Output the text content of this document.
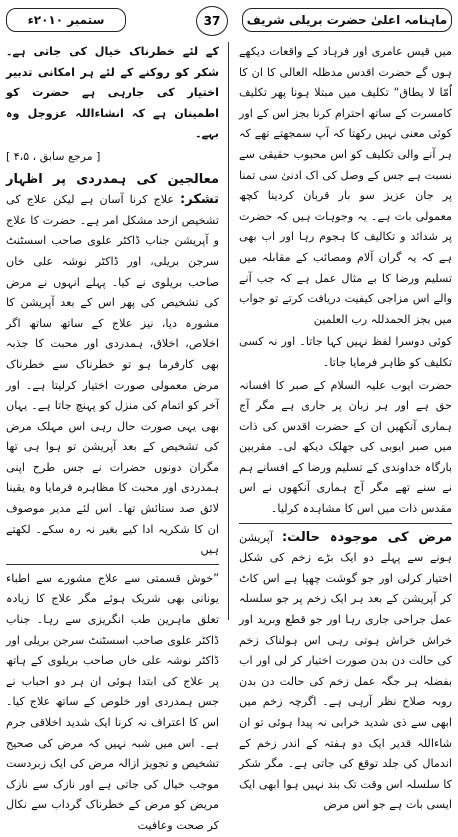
ماہنامہ اعلیٰ حضرت بریلی شریف
37
ستمبر ۲۰۱۰ء

میں قیس عامری اور فرہاد کے واقعات دیکھے ہوں گے حضرت اقدس مدظلہ العالی کا ان کا اُمّا لا یطاق“ تکلیف میں مبتلا ہونا پھر تکلیف کامسرت کے ساتھ احترام کرنا بجز اس کے اور کوئی معنی نہیں رکھتا کہ آپ سمجھتے تھے کہ ہر آنے والی تکلیف کو اس محبوب حقیقی سے نسبت ہے جس کے وصل کی اک ادنیٰ سی تمنا پر جان عزیز سو بار قربان کردینا کچھ معمولی بات ہے۔ یہ وجوہات ہیں کہ حضرت پر شدائد و تکالیف کا ہجوم رہا اور اب بھی ہے کہ یہ گران آلام ومصائب کے مقابلہ میں تسلیم ورضا کا بے مثال عمل ہے کہ جب آنے والے اس مزاجی کیفیت دریافت کرتے تو جواب میں بجز الحمدللہ رب العلمین

کوئی دوسرا لفظ نہیں کہا جاتا۔ اور نہ کسی تکلیف کو ظاہر فرمایا جاتا۔

حضرت ایوب علیہ السلام کے صبر کا افسانہ حق ہے اور ہر زبان پر جاری ہے مگر آج ہماری آنکھیں ان کے حضرت اقدس کی ذات میں صبر ایوبی کی جھلک دیکھ لی۔ مقربین بارگاہ خداوندی کے تسلیم ورضا کے افسانے ہم نے سنے تھے مگر آج ہماری آنکھوں نے اس مقدس ذات میں اس کا مشاہدہ کرلیا۔

مرض کی موجودہ حالت: آپریشن ہونے سے پہلے دو ایک بڑے زخم کی شکل اختیار کرلی اور جو گوشت چھپا ہے اس کاٹ کر آپریشن کے بعد ہر ایک زخم پر جو سلسلہ عمل جراحی جاری رہا اور جو قطع وبرید اور خراش خراش ہوتی رہی اس ہولناک زخم کی حالت دن بدن صورت اختیار کر لی اور اب بفضلہ ہر جگہ عمل زخم کی حالت دن بدن روبہ صلاح نظر آرہی ہے۔ اگرچہ زخم میں ابھی سے ذی شدید خرابی نہ پیدا ہوئی تو ان شاءاللہ قدیر ایک دو ہفتہ کے اندر زخم کے اندمال کی جلد توقع کی جاتی ہے۔ مگر شکر کا سلسلہ اس وقت تک بند نہیں ہوا ابھی ایک ایسی بات ہے جو اس مرض

کے لئے خطرناک خیال کی جاتی ہے۔ شکر کو روکنے کے لئے ہر امکانی تدبیر اختیار کی جارہی ہے حضرت کو اطمینان ہے کہ انشاءاللہ عزوجل وہ بہے۔

[ مرجع سابق ، ۴،۵ ]

معالجین کی ہمدردی پر اظہار تشکر: علاج کرنا آسان ہے لیکن علاج کی تشخیص ازحد مشکل امر ہے۔ حضرت کا علاج و آپریشن جناب ڈاکٹر علوی صاحب اسسٹنٹ سرجن بریلی، اور ڈاکٹر نوشہ علی خاں صاحب بریلوی نے کیا۔ پہلے انہوں نے مرض کی تشخیص کی پھر اس کے بعد آپریشن کا مشورہ دیا، نیز علاج کے ساتھ ساتھ اگر اخلاص، اخلاق، ہمدردی اور محبت کا جذبہ بھی کارفرما ہو تو خطرناک سے خطرناک مرض معمولی صورت اختیار کرلیتا ہے۔ اور آخر کو اتمام کی منزل کو پہنچ جاتا ہے۔ یہاں بھی یہی صورت حال رہی اس مہلک مرض کی تشخیص کے بعد آپریشن تو ہوا ہی تھا مگران دونوں حضرات نے جس طرح اپنی ہمدردی اور محبت کا مظاہرہ فرمایا وہ یقینا لائق صد ستائش تھا۔ اس لئے مدیر موصوف ان کا شکریہ ادا کیے بغیر نہ رہ سکے۔ لکھتے ہیں

”خوش قسمتی سے علاج مشورے سے اطباء یونانی بھی شریک ہوئے مگر علاج کا زیادہ تعلق ماہرین طب انگریزی سے رہا۔ جناب ڈاکٹر علوی صاحب اسسٹنٹ سرجن بریلی اور ڈاکٹر نوشہ علی خاں صاحب بریلوی کے ہاتھ پر علاج کی ابتدا ہوئی ان ہر دو احباب نے جس ہمدردی اور خلوص کے ساتھ علاج کیا۔ اس کا اعتراف نہ کرنا ایک شدید اخلاقی جرم ہے۔ اس میں شبہ نہیں کہ مرض کی صحیح تشخیص و تجویز ازالہ مرض کی ایک زبردست موجب خیال کی جاتی ہے اور نازک سے نازک مریض کو مرض کے خطرناک گرداب سے نکال کر صحت وعافیت
